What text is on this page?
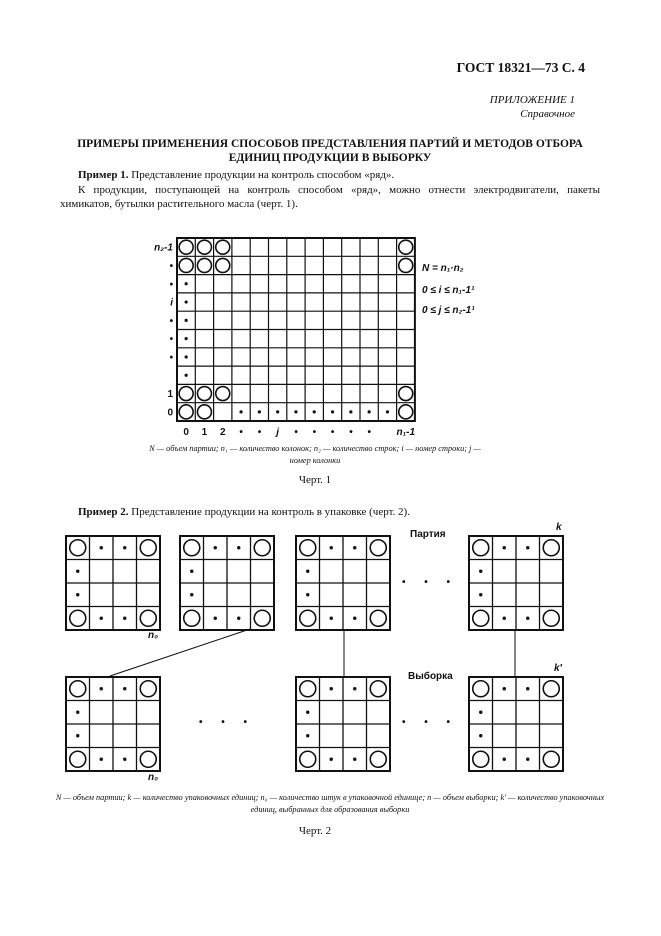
ГОСТ 18321—73 С. 4
ПРИЛОЖЕНИЕ 1
Справочное
ПРИМЕРЫ ПРИМЕНЕНИЯ СПОСОБОВ ПРЕДСТАВЛЕНИЯ ПАРТИЙ И МЕТОДОВ ОТБОРА ЕДИНИЦ ПРОДУКЦИИ В ВЫБОРКУ
Пример 1. Представление продукции на контроль способом «ряд».
К продукции, поступающей на контроль способом «ряд», можно отнести электродвигатели, пакеты химикатов, бутылки растительного масла (черт. 1).
n₂-1
•
•
i
•
•
•
1
0
0 1 2 • • j • • • • •	n₁-1
N = n₁·n₂
0 ≤ i ≤ n₁-1¹
0 ≤ j ≤ n₂-1¹
Партия
Выборка
k
k′
n₀
n₀
• • •
• • •	• • •
N — объем партии; n₁ — количество колонок; n₂ — количество строк; i — номер строки; j — номер колонки
Черт. 1
Пример 2. Представление продукции на контроль в упаковке (черт. 2).
N — объем партии; k — количество упаковочных единиц; n₀ — количество штук в упаковочной единице; n — объем выборки; k′ — количество упаковочных единиц, выбранных для образования выборки
Черт. 2
